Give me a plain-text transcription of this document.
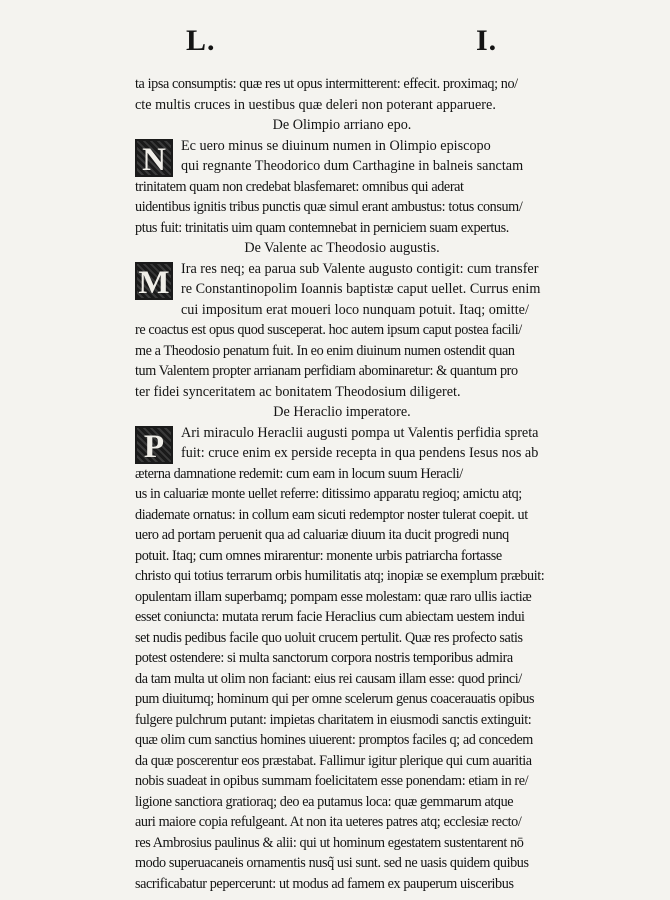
L.	I.
ta ipsa consumptis: quæ res ut opus intermitterent: effecit. proximaq; no/
cte multis cruces in uestibus quæ deleri non poterant apparuere.
De Olimpio arriano epo.
N	Ec uero minus se diuinum numen in Olimpio episcopo
qui regnante Theodorico dum Carthagine in balneis sanctam
trinitatem quam non credebat blasfemaret: omnibus qui aderat
uidentibus ignitis tribus punctis quæ simul erant ambustus: totus consum/
ptus fuit: trinitatis uim quam contemnebat in perniciem suam expertus.
De Valente ac Theodosio augustis.
M Ira res neq; ea parua sub Valente augusto contigit: cum transfer
re Constantinopolim Ioannis baptistæ caput uellet. Currus enim
cui impositum erat moueri loco nunquam potuit. Itaq; omitte/
re coactus est opus quod susceperat. hoc autem ipsum caput postea facili/
me a Theodosio penatum fuit. In eo enim diuinum numen ostendit quan
tum Valentem propter arrianam perfidiam abominaretur: & quantum pro
ter fidei synceritatem ac bonitatem Theodosium diligeret.
De Heraclio imperatore.
P	Ari miraculo Heraclii augusti pompa ut Valentis perfidia spreta
fuit: cruce enim ex perside recepta in qua pendens Iesus nos ab
æterna damnatione redemit: cum eam in locum suum Heracli/
us in caluariæ monte uellet referre: ditissimo apparatu regioq; amictu atq;
diademate ornatus: in collum eam sicuti redemptor noster tulerat coepit. ut
uero ad portam peruenit qua ad caluariæ diuum ita ducit progredi nunq
potuit. Itaq; cum omnes mirarentur: monente urbis patriarcha fortasse
christo qui totius terrarum orbis humilitatis atq; inopiæ se exemplum præbuit:
opulentam illam superbamq; pompam esse molestam: quæ raro ullis iactiæ
esset coniuncta: mutata rerum facie Heraclius cum abiectam uestem indui
set nudis pedibus facile quo uoluit crucem pertulit. Quæ res profecto satis
potest ostendere: si multa sanctorum corpora nostris temporibus admira
da tam multa ut olim non faciant: eius rei causam illam esse: quod princi/
pum diuitumq; hominum qui per omne scelerum genus coacerauatis opibus
fulgere pulchrum putant: impietas charitatem in eiusmodi sanctis extinguit:
quæ olim cum sanctius homines uiuerent: promptos faciles q; ad concedem
da quæ poscerentur eos præstabat. Fallimur igitur plerique qui cum auaritia
nobis suadeat in opibus summam foelicitatem esse ponendam: etiam in re/
ligione sanctiora gratioraq; deo ea putamus loca: quæ gemmarum atque
auri maiore copia refulgeant. At non ita ueteres patres atq; ecclesiæ recto/
res Ambrosius paulinus & alii: qui ut hominum egestatem sustentarent nō
modo superuacaneis ornamentis nusq̃ usi sunt. sed ne uasis quidem quibus
sacrificabatur pepercerunt: ut modus ad famem ex pauperum uisceribus
